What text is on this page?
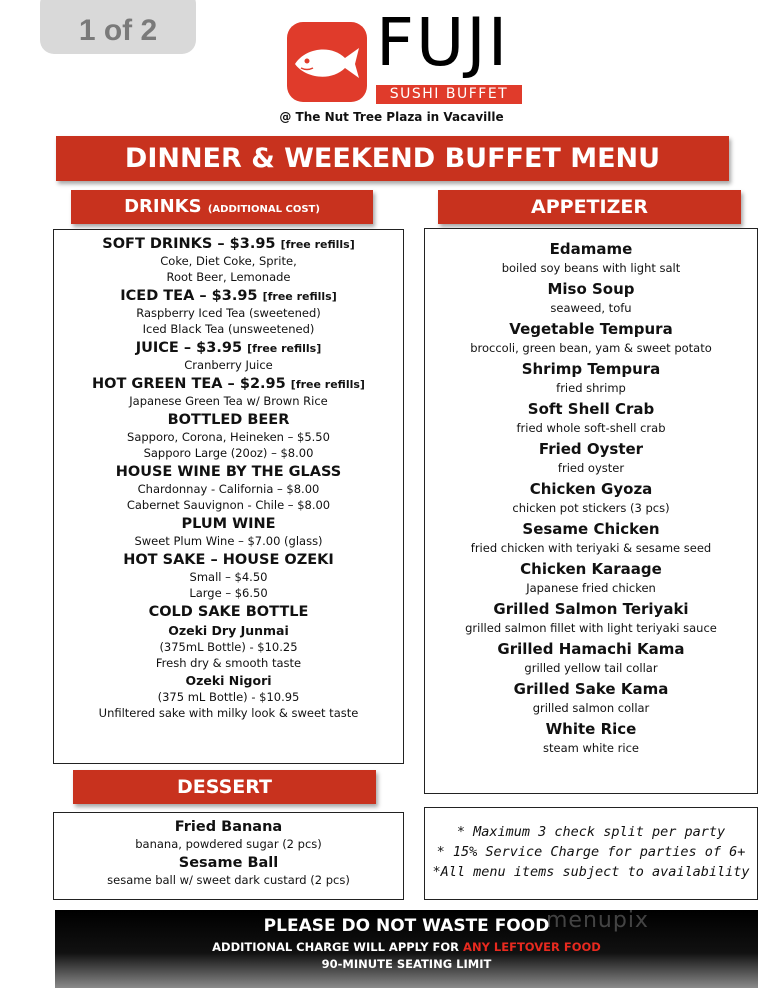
1 of 2	FUJI
SUSHI BUFFET
@ The Nut Tree Plaza in Vacaville
DINNER & WEEKEND BUFFET MENU
DRINKS (ADDITIONAL COST)
SOFT DRINKS – $3.95 [free refills]
Coke, Diet Coke, Sprite,
Root Beer, Lemonade
ICED TEA – $3.95 [free refills]
Raspberry Iced Tea (sweetened)
Iced Black Tea (unsweetened)
JUICE – $3.95 [free refills]
Cranberry Juice
HOT GREEN TEA – $2.95 [free refills]
Japanese Green Tea w/ Brown Rice
BOTTLED BEER
Sapporo, Corona, Heineken – $5.50
Sapporo Large (20oz) – $8.00
HOUSE WINE BY THE GLASS
Chardonnay - California – $8.00
Cabernet Sauvignon - Chile – $8.00
PLUM WINE
Sweet Plum Wine – $7.00 (glass)
HOT SAKE – HOUSE OZEKI
Small – $4.50
Large – $6.50
COLD SAKE BOTTLE
Ozeki Dry Junmai
(375mL Bottle) - $10.25
Fresh dry & smooth taste
Ozeki Nigori
(375 mL Bottle) - $10.95
Unfiltered sake with milky look & sweet taste
APPETIZER
Edamame
boiled soy beans with light salt
Miso Soup
seaweed, tofu
Vegetable Tempura
broccoli, green bean, yam & sweet potato
Shrimp Tempura
fried shrimp
Soft Shell Crab
fried whole soft-shell crab
Fried Oyster
fried oyster
Chicken Gyoza
chicken pot stickers (3 pcs)
Sesame Chicken
fried chicken with teriyaki & sesame seed
Chicken Karaage
Japanese fried chicken
Grilled Salmon Teriyaki
grilled salmon fillet with light teriyaki sauce
Grilled Hamachi Kama
grilled yellow tail collar
Grilled Sake Kama
grilled salmon collar
White Rice
steam white rice
DESSERT
Fried Banana
banana, powdered sugar (2 pcs)
Sesame Ball
sesame ball w/ sweet dark custard (2 pcs)
* Maximum 3 check split per party
* 15% Service Charge for parties of 6+
*All menu items subject to availability
PLEASE DO NOT WASTE FOOD
ADDITIONAL CHARGE WILL APPLY FOR ANY LEFTOVER FOOD
90-MINUTE SEATING LIMIT
menupix
